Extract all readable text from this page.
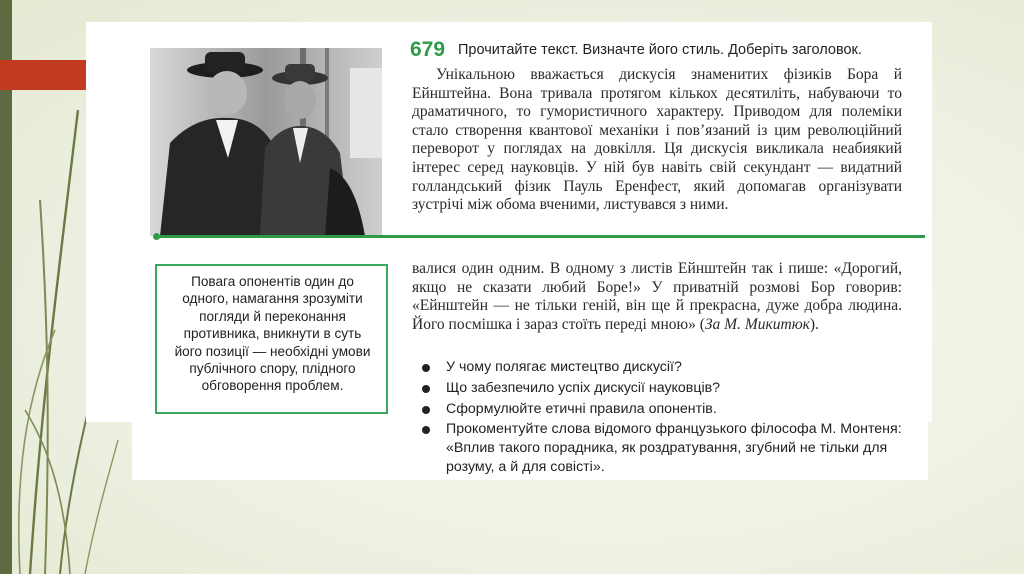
679 Прочитайте текст. Визначте його стиль. Доберіть заголовок.
Унікальною вважається дискусія знаменитих фізиків Бора й Ейнштейна. Вона тривала протягом кількох десятиліть, набуваючи то драматичного, то гумористичного характеру. Приводом для полеміки стало створення квантової механіки і пов’язаний із цим революційний переворот у поглядах на довкілля. Ця дискусія викликала неабиякий інтерес серед науковців. У ній був навіть свій секундант — видатний голландський фізик Пауль Еренфест, який допомагав організувати зустрічі між обома вченими, листувався з ними.
Повага опонентів один до одного, намагання зрозуміти погляди й переконання противника, вникнути в суть його позиції — необхідні умови публічного спору, плідного обговорення проблем.
валися один одним. В одному з листів Ейнштейн так і пише: «Дорогий, якщо не сказати любий Боре!» У приватній розмові Бор говорив: «Ейнштейн — не тільки геній, він ще й прекрасна, дуже добра людина. Його посмішка і зараз стоїть переді мною» (За М. Микитюк).
У чому полягає мистецтво дискусії?
Що забезпечило успіх дискусії науковців?
Сформулюйте етичні правила опонентів.
Прокоментуйте слова відомого французького філософа М. Монтеня: «Вплив такого порадника, як роздратування, згубний не тільки для розуму, а й для совісті».
